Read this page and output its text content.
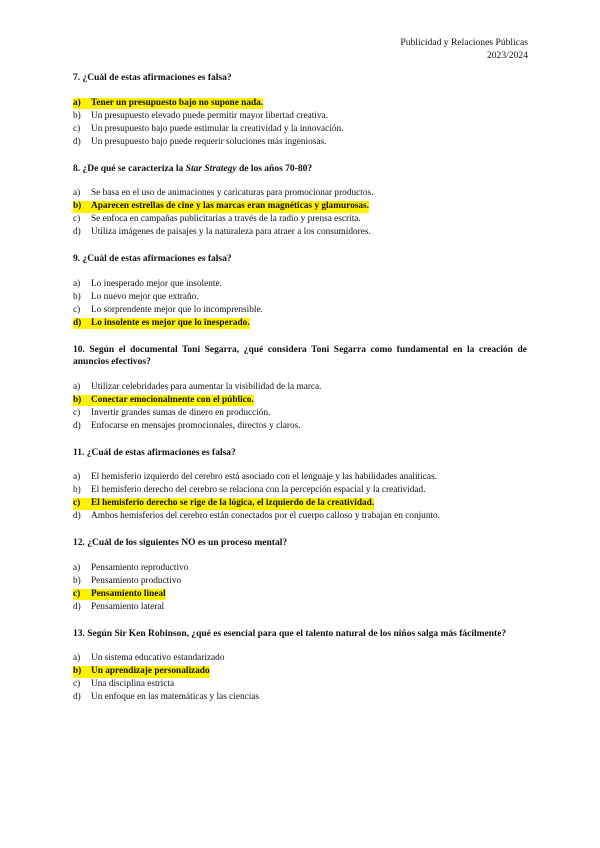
Publicidad y Relaciones Públicas
2023/2024
7. ¿Cuál de estas afirmaciones es falsa?
a)	Tener un presupuesto bajo no supone nada.
b)	Un presupuesto elevado puede permitir mayor libertad creativa.
c)	Un presupuesto bajo puede estimular la creatividad y la innovación.
d)	Un presupuesto bajo puede requerir soluciones más ingeniosas.
8. ¿De qué se caracteriza la Star Strategy de los años 70-80?
a)	Se basa en el uso de animaciones y caricaturas para promocionar productos.
b)	Aparecen estrellas de cine y las marcas eran magnéticas y glamurosas.
c)	Se enfoca en campañas publicitarias a través de la radio y prensa escrita.
d)	Utiliza imágenes de paisajes y la naturaleza para atraer a los consumidores.
9. ¿Cuál de estas afirmaciones es falsa?
a)	Lo inesperado mejor que insolente.
b)	Lo nuevo mejor que extraño.
c)	Lo sorprendente mejor que lo incomprensible.
d)	Lo insolente es mejor que lo inesperado.
10. Según el documental Toni Segarra, ¿qué considera Toni Segarra como fundamental en la creación de anuncios efectivos?
a)	Utilizar celebridades para aumentar la visibilidad de la marca.
b)	Conectar emocionalmente con el público.
c)	Invertir grandes sumas de dinero en producción.
d)	Enfocarse en mensajes promocionales, directos y claros.
11. ¿Cuál de estas afirmaciones es falsa?
a)	El hemisferio izquierdo del cerebro está asociado con el lenguaje y las habilidades analíticas.
b)	El hemisferio derecho del cerebro se relaciona con la percepción espacial y la creatividad.
c)	El hemisferio derecho se rige de la lógica, el izquierdo de la creatividad.
d)	Ambos hemisferios del cerebro están conectados por el cuerpo calloso y trabajan en conjunto.
12. ¿Cuál de los siguientes NO es un proceso mental?
a)	Pensamiento reproductivo
b)	Pensamiento productivo
c)	Pensamiento lineal
d)	Pensamiento lateral
13. Según Sir Ken Robinson, ¿qué es esencial para que el talento natural de los niños salga más fácilmente?
a)	Un sistema educativo estandarizado
b)	Un aprendizaje personalizado
c)	Una disciplina estricta
d)	Un enfoque en las matemáticas y las ciencias
